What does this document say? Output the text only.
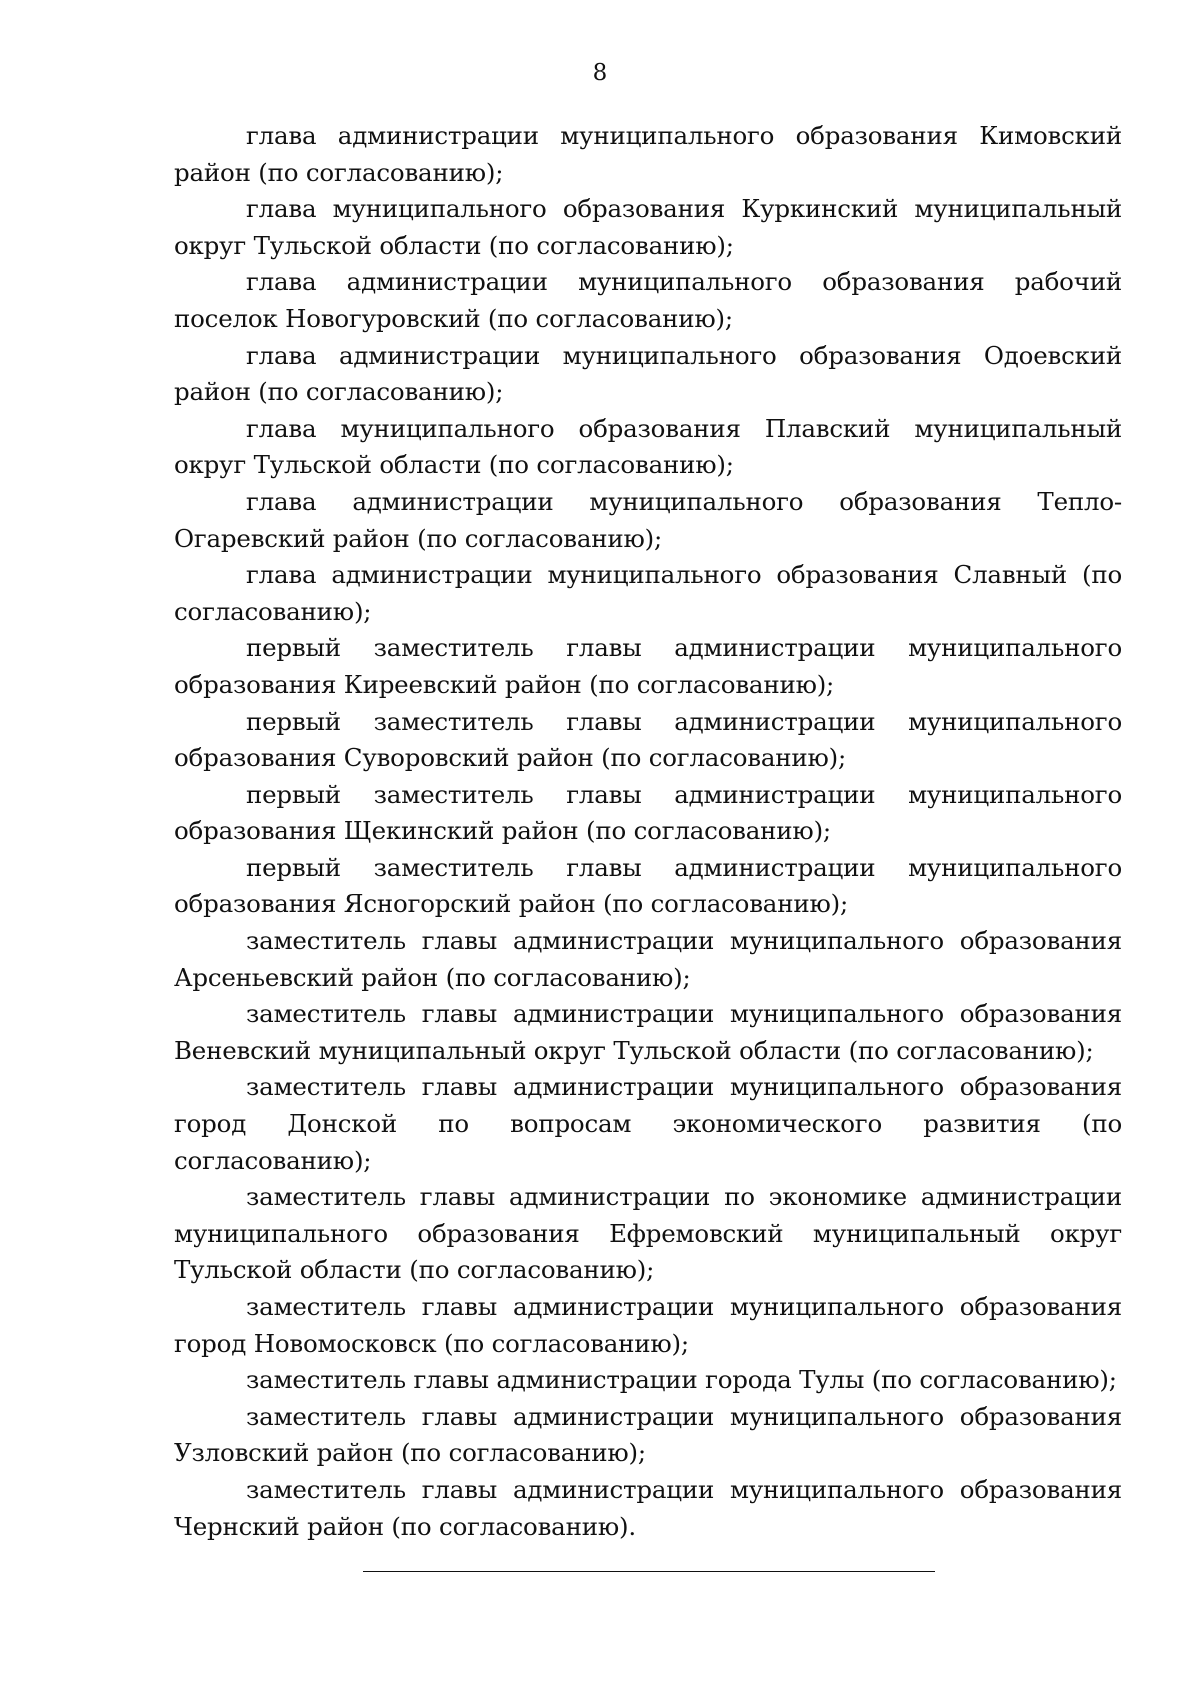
8

глава администрации муниципального образования Кимовский район (по согласованию);

глава муниципального образования Куркинский муниципальный округ Тульской области (по согласованию);

глава администрации муниципального образования рабочий поселок Новогуровский (по согласованию);

глава администрации муниципального образования Одоевский район (по согласованию);

глава муниципального образования Плавский муниципальный округ Тульской области (по согласованию);

глава администрации муниципального образования Тепло-Огаревский район (по согласованию);

глава администрации муниципального образования Славный (по согласованию);

первый заместитель главы администрации муниципального образования Киреевский район (по согласованию);

первый заместитель главы администрации муниципального образования Суворовский район (по согласованию);

первый заместитель главы администрации муниципального образования Щекинский район (по согласованию);

первый заместитель главы администрации муниципального образования Ясногорский район (по согласованию);

заместитель главы администрации муниципального образования Арсеньевский район (по согласованию);

заместитель главы администрации муниципального образования Веневский муниципальный округ Тульской области (по согласованию);

заместитель главы администрации муниципального образования город Донской по вопросам экономического развития (по согласованию);

заместитель главы администрации по экономике администрации муниципального образования Ефремовский муниципальный округ Тульской области (по согласованию);

заместитель главы администрации муниципального образования город Новомосковск (по согласованию);

заместитель главы администрации города Тулы (по согласованию);

заместитель главы администрации муниципального образования Узловский район (по согласованию);

заместитель главы администрации муниципального образования Чернский район (по согласованию).
